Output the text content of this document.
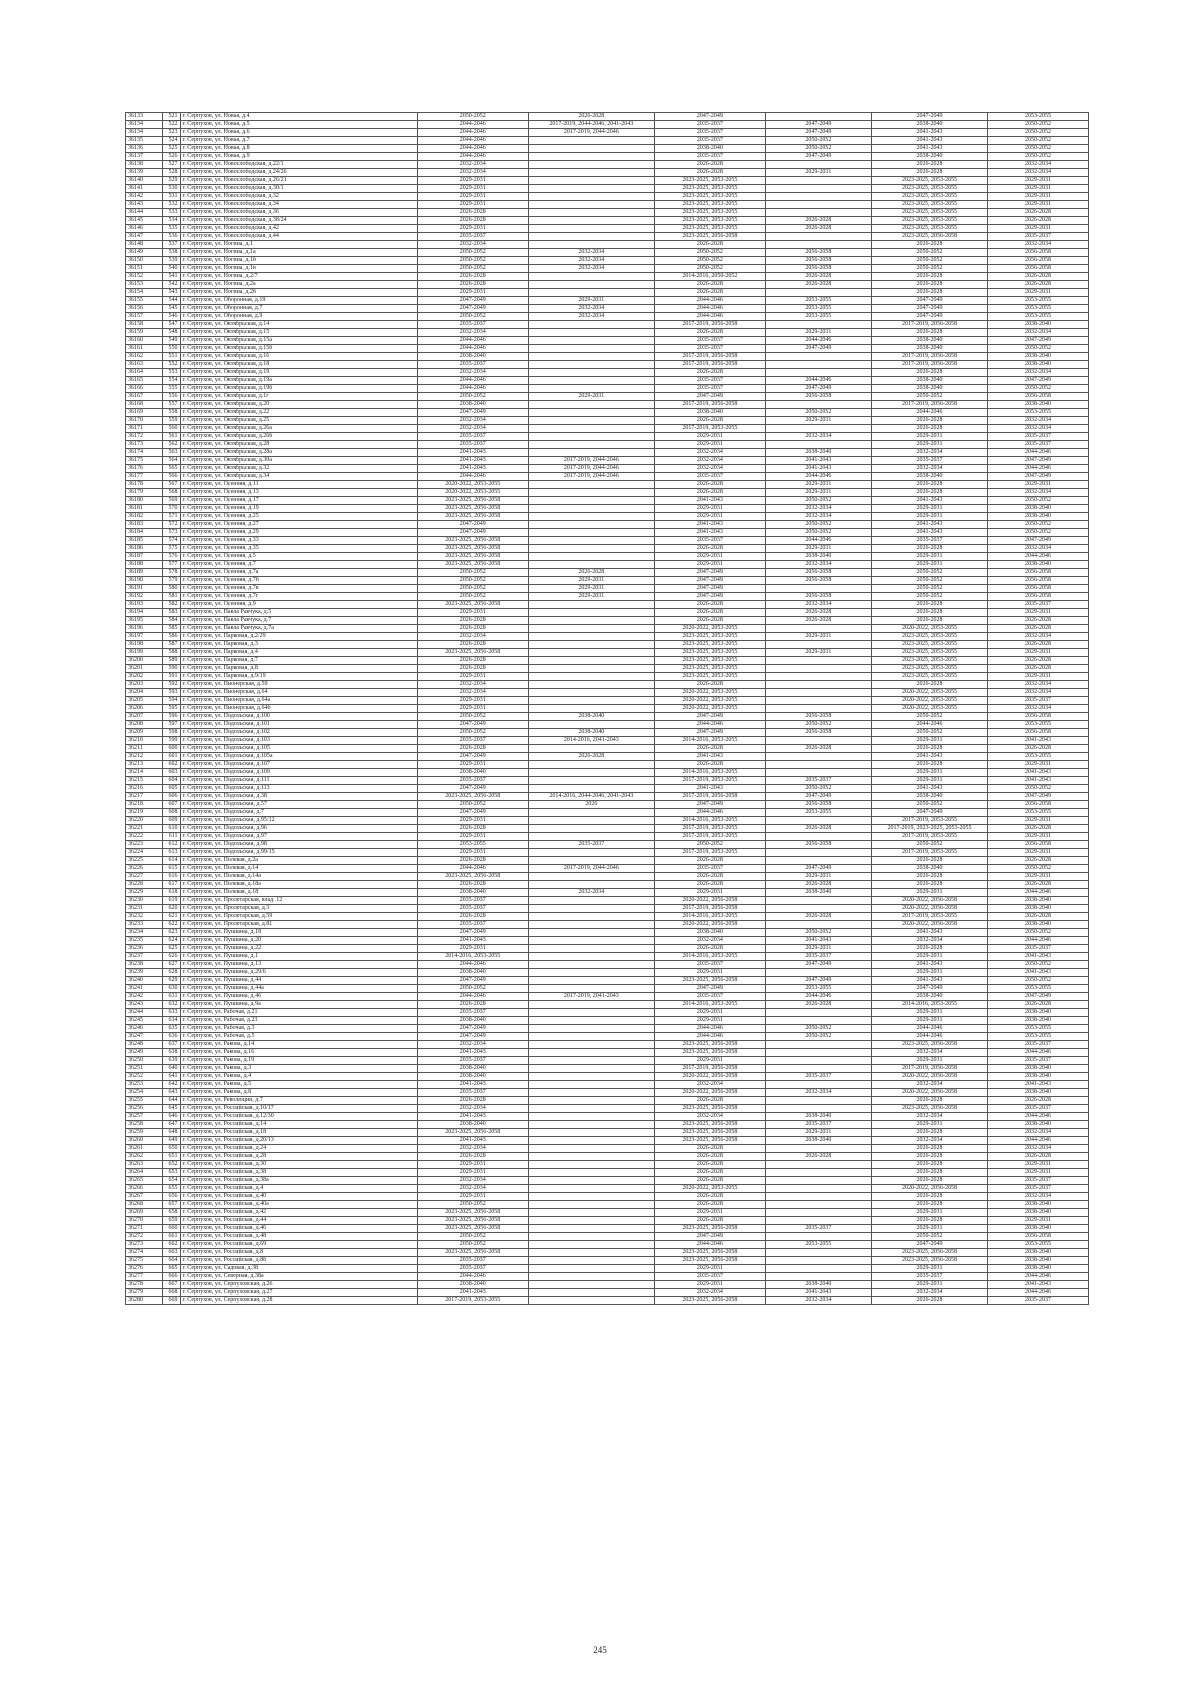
36133	521	г. Серпухов, ул. Новая, д.4	2050-2052	2026-2028	2047-2049		2047-2049	2053-2055
36134	522	г. Серпухов, ул. Новая, д.5	2044-2046	2017-2019, 2044-2046, 2041-2043	2035-2037	2047-2049	2038-2040	2050-2052
36134	523	г. Серпухов, ул. Новая, д.6	2044-2046	2017-2019, 2044-2046	2035-2037	2047-2049	2041-2043	2050-2052
36135	524	г. Серпухов, ул. Новая, д.7	2044-2046		2035-2037	2050-2052	2041-2043	2050-2052
36136	525	г. Серпухов, ул. Новая, д.8	2044-2046		2038-2040	2050-2052	2041-2043	2050-2052
36137	526	г. Серпухов, ул. Новая, д.9	2044-2046		2035-2037	2047-2049	2038-2040	2050-2052
36138	527	г. Серпухов, ул. Новослободская, д.22/1	2032-2034		2026-2028		2026-2028	2032-2034
36139	528	г. Серпухов, ул. Новослободская, д.24/26	2032-2034		2026-2028	2029-2031	2026-2028	2032-2034
36140	529	г. Серпухов, ул. Новослободская, д.26/21	2029-2031		2023-2025, 2053-2055		2023-2025, 2053-2055	2029-2031
36141	530	г. Серпухов, ул. Новослободская, д.30/1	2029-2031		2023-2025, 2053-2055		2023-2025, 2053-2055	2029-2031
36142	531	г. Серпухов, ул. Новослободская, д.32	2029-2031		2023-2025, 2053-2055		2023-2025, 2053-2055	2029-2031
36143	532	г. Серпухов, ул. Новослободская, д.34	2029-2031		2023-2025, 2053-2055		2023-2025, 2053-2055	2029-2031
36144	533	г. Серпухов, ул. Новослободская, д.36	2026-2028		2023-2025, 2053-2055		2023-2025, 2053-2055	2026-2028
36145	534	г. Серпухов, ул. Новослободская, д.38/24	2026-2028		2023-2025, 2053-2055	2026-2028	2023-2025, 2053-2055	2026-2028
36146	535	г. Серпухов, ул. Новослободская, д.42	2029-2031		2023-2025, 2053-2055	2026-2028	2023-2025, 2053-2055	2029-2031
36147	536	г. Серпухов, ул. Новослободская, д.44	2035-2037		2023-2025, 2056-2058		2023-2025, 2056-2058	2035-2037
36148	537	г. Серпухов, ул. Ногина, д.1	2032-2034		2026-2028		2026-2028	2032-2034
36149	538	г. Серпухов, ул. Ногина, д.1а	2050-2052	2032-2034	2050-2052	2056-2058	2050-2052	2056-2058
36150	539	г. Серпухов, ул. Ногина, д.1б	2050-2052	2032-2034	2050-2052	2056-2058	2050-2052	2056-2058
36151	540	г. Серпухов, ул. Ногина, д.1в	2050-2052	2032-2034	2050-2052	2056-2058	2050-2052	2056-2058
36152	541	г. Серпухов, ул. Ногина, д.2/7	2026-2028		2014-2016, 2050-2052	2026-2028	2026-2028	2026-2028
36153	542	г. Серпухов, ул. Ногина, д.2а	2026-2028		2026-2028	2026-2028	2026-2028	2026-2028
36154	543	г. Серпухов, ул. Ногина, д.2б	2029-2031		2026-2028		2026-2028	2029-2031
36155	544	г. Серпухов, ул. Оборонная, д.19	2047-2049	2029-2031	2044-2046	2053-2055	2047-2049	2053-2055
36156	545	г. Серпухов, ул. Оборонная, д.7	2047-2049	2032-2034	2044-2046	2053-2055	2047-2049	2053-2055
36157	546	г. Серпухов, ул. Оборонная, д.9	2050-2052	2032-2034	2044-2046	2053-2055	2047-2049	2053-2055
36158	547	г. Серпухов, ул. Октябрьская, д.14	2035-2037		2017-2019, 2056-2058		2017-2019, 2056-2058	2038-2040
36159	548	г. Серпухов, ул. Октябрьская, д.15	2032-2034		2026-2028	2029-2031	2026-2028	2032-2034
36160	549	г. Серпухов, ул. Октябрьская, д.15а	2044-2046		2035-2037	2044-2046	2038-2040	2047-2049
36161	550	г. Серпухов, ул. Октябрьская, д.15б	2044-2046		2035-2037	2047-2049	2038-2040	2050-2052
36162	551	г. Серпухов, ул. Октябрьская, д.16	2038-2040		2017-2019, 2056-2058		2017-2019, 2056-2058	2038-2040
36163	552	г. Серпухов, ул. Октябрьская, д.18	2035-2037		2017-2019, 2056-2058		2017-2019, 2056-2058	2038-2040
36164	553	г. Серпухов, ул. Октябрьская, д.19	2032-2034		2026-2028		2026-2028	2032-2034
36165	554	г. Серпухов, ул. Октябрьская, д.19а	2044-2046		2035-2037	2044-2046	2038-2040	2047-2049
36166	555	г. Серпухов, ул. Октябрьская, д.19б	2044-2046		2035-2037	2047-2049	2038-2040	2050-2052
36167	556	г. Серпухов, ул. Октябрьская, д.1г	2050-2052	2029-2031	2047-2049	2056-2058	2050-2052	2056-2058
36168	557	г. Серпухов, ул. Октябрьская, д.20	2038-2040		2017-2019, 2056-2058		2017-2019, 2056-2058	2038-2040
36169	558	г. Серпухов, ул. Октябрьская, д.22	2047-2049		2038-2040	2050-2052	2044-2046	2053-2055
36170	559	г. Серпухов, ул. Октябрьская, д.25	2032-2034		2026-2028	2029-2031	2026-2028	2032-2034
36171	560	г. Серпухов, ул. Октябрьская, д.26а	2032-2034		2017-2019, 2053-2055		2026-2028	2032-2034
36172	561	г. Серпухов, ул. Октябрьская, д.26б	2035-2037		2029-2031	2032-2034	2029-2031	2035-2037
36173	562	г. Серпухов, ул. Октябрьская, д.28	2035-2037		2029-2031		2029-2031	2035-2037
36174	563	г. Серпухов, ул. Октябрьская, д.28а	2041-2043		2032-2034	2038-2040	2032-2034	2044-2046
36175	564	г. Серпухов, ул. Октябрьская, д.30а	2041-2043	2017-2019, 2044-2046	2032-2034	2041-2043	2035-2037	2047-2049
36176	565	г. Серпухов, ул. Октябрьская, д.32	2041-2043	2017-2019, 2044-2046	2032-2034	2041-2043	2032-2034	2044-2046
36177	566	г. Серпухов, ул. Октябрьская, д.34	2044-2046	2017-2019, 2044-2046	2035-2037	2044-2046	2038-2040	2047-2049
36178	567	г. Серпухов, ул. Осенняя, д.11	2020-2022, 2053-2055		2026-2028	2029-2031	2026-2028	2029-2031
36179	568	г. Серпухов, ул. Осенняя, д.13	2020-2022, 2053-2055		2026-2028	2029-2031	2026-2028	2032-2034
36180	569	г. Серпухов, ул. Осенняя, д.17	2023-2025, 2056-2058		2041-2043	2050-2052	2041-2043	2050-2052
36181	570	г. Серпухов, ул. Осенняя, д.19	2023-2025, 2056-2058		2029-2031	2032-2034	2029-2031	2038-2040
36182	571	г. Серпухов, ул. Осенняя, д.25	2023-2025, 2056-2058		2029-2031	2032-2034	2029-2031	2038-2040
36183	572	г. Серпухов, ул. Осенняя, д.27	2047-2049		2041-2043	2050-2052	2041-2043	2050-2052
36184	573	г. Серпухов, ул. Осенняя, д.29	2047-2049		2041-2043	2050-2052	2041-2043	2050-2052
36185	574	г. Серпухов, ул. Осенняя, д.33	2023-2025, 2056-2058		2035-2037	2044-2046	2035-2037	2047-2049
36186	575	г. Серпухов, ул. Осенняя, д.35	2023-2025, 2056-2058		2026-2028	2029-2031	2026-2028	2032-2034
36187	576	г. Серпухов, ул. Осенняя, д.5	2023-2025, 2056-2058		2029-2031	2038-2040	2029-2031	2044-2046
36188	577	г. Серпухов, ул. Осенняя, д.7	2023-2025, 2056-2058		2029-2031	2032-2034	2029-2031	2038-2040
36189	578	г. Серпухов, ул. Осенняя, д.7а	2050-2052	2026-2028	2047-2049	2056-2058	2050-2052	2056-2058
36190	579	г. Серпухов, ул. Осенняя, д.7б	2050-2052	2029-2031	2047-2049	2056-2058	2050-2052	2056-2058
36191	580	г. Серпухов, ул. Осенняя, д.7в	2050-2052	2029-2031	2047-2049		2050-2052	2056-2058
36192	581	г. Серпухов, ул. Осенняя, д.7г	2050-2052	2029-2031	2047-2049	2056-2058	2050-2052	2056-2058
36193	582	г. Серпухов, ул. Осенняя, д.9	2023-2025, 2056-2058		2026-2028	2032-2034	2026-2028	2035-2037
36194	583	г. Серпухов, ул. Павла Ракчука, д.5	2029-2031		2026-2028	2026-2028	2026-2028	2029-2031
36195	584	г. Серпухов, ул. Павла Ракчука, д.7	2026-2028		2026-2028	2026-2028	2026-2028	2026-2028
36196	585	г. Серпухов, ул. Павла Ракчука, д.7а	2026-2028		2020-2022, 2053-2055		2020-2022, 2053-2055	2026-2028
36197	586	г. Серпухов, ул. Парковая, д.2/29	2032-2034		2023-2025, 2053-2055	2029-2031	2023-2025, 2053-2055	2032-2034
36198	587	г. Серпухов, ул. Парковая, д.3	2026-2028		2023-2025, 2053-2055		2023-2025, 2053-2055	2026-2028
36199	588	г. Серпухов, ул. Парковая, д.4	2023-2025, 2056-2058		2023-2025, 2053-2055	2029-2031	2023-2025, 2053-2055	2029-2031
36200	589	г. Серпухов, ул. Парковая, д.7	2026-2028		2023-2025, 2053-2055		2023-2025, 2053-2055	2026-2028
36201	590	г. Серпухов, ул. Парковая, д.8	2026-2028		2023-2025, 2053-2055		2023-2025, 2053-2055	2026-2028
36202	591	г. Серпухов, ул. Парковая, д.9/19	2029-2031		2023-2025, 2053-2055		2023-2025, 2053-2055	2029-2031
36203	592	г. Серпухов, ул. Пионерская, д.59	2032-2034		2026-2028		2026-2028	2032-2034
36204	593	г. Серпухов, ул. Пионерская, д.64	2032-2034		2020-2022, 2053-2055		2020-2022, 2053-2055	2032-2034
36205	594	г. Серпухов, ул. Пионерская, д.64а	2029-2031		2020-2022, 2053-2055		2020-2022, 2053-2055	2035-2037
36206	595	г. Серпухов, ул. Пионерская, д.64б	2029-2031		2020-2022, 2053-2055		2020-2022, 2053-2055	2032-2034
36207	596	г. Серпухов, ул. Подольская, д.100	2050-2052	2038-2040	2047-2049	2056-2058	2050-2052	2056-2058
36208	597	г. Серпухов, ул. Подольская, д.101	2047-2049		2044-2046	2050-2052	2044-2046	2053-2055
36209	598	г. Серпухов, ул. Подольская, д.102	2050-2052	2038-2040	2047-2049	2056-2058	2050-2052	2056-2058
36210	599	г. Серпухов, ул. Подольская, д.103	2035-2037	2014-2016, 2041-2043	2014-2016, 2053-2055		2029-2031	2041-2043
36211	600	г. Серпухов, ул. Подольская, д.105	2026-2028		2026-2028	2026-2028	2026-2028	2026-2028
36212	601	г. Серпухов, ул. Подольская, д.105а	2047-2049	2026-2028	2041-2043		2041-2043	2053-2055
36213	602	г. Серпухов, ул. Подольская, д.107	2029-2031		2026-2028		2026-2028	2029-2031
36214	603	г. Серпухов, ул. Подольская, д.109	2038-2040		2014-2016, 2053-2055		2029-2031	2041-2043
36215	604	г. Серпухов, ул. Подольская, д.111	2035-2037		2017-2019, 2053-2055	2035-2037	2029-2031	2041-2043
36216	605	г. Серпухов, ул. Подольская, д.113	2047-2049		2041-2043	2050-2052	2041-2043	2050-2052
36217	606	г. Серпухов, ул. Подольская, д.38	2023-2025, 2056-2058	2014-2016, 2044-2046, 2041-2043	2017-2019, 2056-2058	2047-2049	2038-2040	2047-2049
36218	607	г. Серпухов, ул. Подольская, д.57	2050-2052	2026	2047-2049	2056-2058	2050-2052	2056-2058
36219	608	г. Серпухов, ул. Подольская, д.7	2047-2049		2044-2046	2053-2055	2047-2049	2053-2055
36220	609	г. Серпухов, ул. Подольская, д.95/12	2029-2031		2014-2016, 2053-2055		2017-2019, 2053-2055	2029-2031
36221	610	г. Серпухов, ул. Подольская, д.96	2026-2028		2017-2019, 2053-2055	2026-2028	2017-2019, 2023-2025, 2053-2055	2026-2028
36222	611	г. Серпухов, ул. Подольская, д.97	2029-2031		2017-2019, 2053-2055		2017-2019, 2053-2055	2029-2031
36223	612	г. Серпухов, ул. Подольская, д.98	2053-2055	2035-2037	2050-2052	2056-2058	2050-2052	2056-2058
36224	613	г. Серпухов, ул. Подольская, д.99/15	2029-2031		2017-2019, 2053-2055		2017-2019, 2053-2055	2029-2031
36225	614	г. Серпухов, ул. Полевая, д.2а	2026-2028		2026-2028		2026-2028	2026-2028
36226	615	г. Серпухов, ул. Полевая, д.14	2044-2046	2017-2019, 2044-2046	2035-2037	2047-2049	2038-2040	2050-2052
36227	616	г. Серпухов, ул. Полевая, д.14а	2023-2025, 2056-2058		2026-2028	2029-2031	2026-2028	2029-2031
36228	617	г. Серпухов, ул. Полевая, д.18а	2026-2028		2026-2028	2026-2028	2026-2028	2026-2028
36229	618	г. Серпухов, ул. Полевая, д.18	2038-2040	2032-2034	2029-2031	2038-2040	2029-2031	2044-2046
36230	619	г. Серпухов, ул. Пролетарская, влад. 12	2035-2037		2020-2022, 2056-2058		2020-2022, 2056-2058	2038-2040
36231	620	г. Серпухов, ул. Пролетарская, д.3	2035-2037		2017-2019, 2056-2058		2020-2022, 2056-2058	2038-2040
36232	621	г. Серпухов, ул. Пролетарская, д.59	2026-2028		2014-2016, 2053-2055	2026-2028	2017-2019, 2053-2055	2026-2028
36233	622	г. Серпухов, ул. Пролетарская, д.81	2035-2037		2020-2022, 2056-2058		2020-2022, 2056-2058	2038-2040
36234	623	г. Серпухов, ул. Пушкина, д.18	2047-2049		2038-2040	2050-2052	2041-2043	2050-2052
36235	624	г. Серпухов, ул. Пушкина, д.20	2041-2043		2032-2034	2041-2043	2032-2034	2044-2046
36236	625	г. Серпухов, ул. Пушкина, д.22	2029-2031		2026-2028	2029-2031	2026-2028	2035-2037
36237	626	г. Серпухов, ул. Пушкина, д.1	2014-2016, 2053-2055		2014-2016, 2053-2055	2035-2037	2029-2031	2041-2043
36238	627	г. Серпухов, ул. Пушкина, д.13	2044-2046		2035-2037	2047-2049	2041-2043	2050-2052
36239	628	г. Серпухов, ул. Пушкина, д.29/6	2038-2040		2029-2031		2029-2031	2041-2043
36240	629	г. Серпухов, ул. Пушкина, д.44	2047-2049		2023-2025, 2056-2058	2047-2049	2041-2043	2050-2052
36241	630	г. Серпухов, ул. Пушкина, д.44а	2050-2052		2047-2049	2053-2055	2047-2049	2053-2055
36242	631	г. Серпухов, ул. Пушкина, д.46	2044-2046	2017-2019, 2041-2043	2035-2037	2044-2046	2038-2040	2047-2049
36243	632	г. Серпухов, ул. Пушкина, д.9а	2026-2028		2014-2016, 2053-2055	2026-2028	2014-2016, 2053-2055	2026-2028
36244	633	г. Серпухов, ул. Рабочая, д.21	2035-2037		2029-2031		2029-2031	2038-2040
36245	634	г. Серпухов, ул. Рабочая, д.23	2038-2040		2029-2031		2029-2031	2038-2040
36246	635	г. Серпухов, ул. Рабочая, д.3	2047-2049		2044-2046	2050-2052	2044-2046	2053-2055
36247	636	г. Серпухов, ул. Рабочая, д.5	2047-2049		2044-2046	2050-2052	2044-2046	2053-2055
36248	637	г. Серпухов, ул. Ракова, д.14	2032-2034		2023-2025, 2056-2058		2023-2025, 2056-2058	2035-2037
36249	638	г. Серпухов, ул. Ракова, д.16	2041-2043		2023-2025, 2056-2058		2032-2034	2044-2046
36250	639	г. Серпухов, ул. Ракова, д.19	2035-2037		2029-2031		2029-2031	2035-2037
36251	640	г. Серпухов, ул. Ракова, д.3	2038-2040		2017-2019, 2056-2058		2017-2019, 2056-2058	2038-2040
36252	641	г. Серпухов, ул. Ракова, д.4	2038-2040		2020-2022, 2056-2058	2035-2037	2020-2022, 2056-2058	2038-2040
36253	642	г. Серпухов, ул. Ракова, д.5	2041-2043		2032-2034		2032-2034	2041-2043
36254	643	г. Серпухов, ул. Ракова, д.8	2035-2037		2020-2022, 2056-2058	2032-2034	2020-2022, 2056-2058	2038-2040
36255	644	г. Серпухов, ул. Революции, д.7	2026-2028		2026-2028		2026-2028	2026-2028
36256	645	г. Серпухов, ул. Российская, д.10/17	2032-2034		2023-2025, 2056-2058		2023-2025, 2056-2058	2035-2037
36257	646	г. Серпухов, ул. Российская, д.12/30	2041-2043		2032-2034	2038-2040	2032-2034	2044-2046
36258	647	г. Серпухов, ул. Российская, д.14	2038-2040		2023-2025, 2056-2058	2035-2037	2029-2031	2038-2040
36259	648	г. Серпухов, ул. Российская, д.18	2023-2025, 2056-2058		2023-2025, 2056-2058	2029-2031	2026-2028	2032-2034
36260	649	г. Серпухов, ул. Российская, д.20/13	2041-2043		2023-2025, 2056-2058	2038-2040	2032-2034	2044-2046
36261	650	г. Серпухов, ул. Российская, д.24	2032-2034		2026-2028		2026-2028	2032-2034
36262	651	г. Серпухов, ул. Российская, д.28	2026-2028		2026-2028	2026-2028	2026-2028	2026-2028
36263	652	г. Серпухов, ул. Российская, д.30	2029-2031		2026-2028		2026-2028	2029-2031
36264	653	г. Серпухов, ул. Российская, д.38	2029-2031		2026-2028		2026-2028	2029-2031
36265	654	г. Серпухов, ул. Российская, д.38а	2032-2034		2026-2028		2026-2028	2035-2037
36266	655	г. Серпухов, ул. Российская, д.4	2032-2034		2020-2022, 2053-2055		2020-2022, 2056-2058	2035-2037
36267	656	г. Серпухов, ул. Российская, д.40	2029-2031		2026-2028		2026-2028	2032-2034
36268	657	г. Серпухов, ул. Российская, д.40а	2050-2052		2026-2028		2026-2028	2038-2040
36269	658	г. Серпухов, ул. Российская, д.42	2023-2025, 2056-2058		2029-2031		2029-2031	2038-2040
36270	659	г. Серпухов, ул. Российская, д.44	2023-2025, 2056-2058		2026-2028		2026-2028	2029-2031
36271	660	г. Серпухов, ул. Российская, д.46	2023-2025, 2056-2058		2023-2025, 2056-2058	2035-2037	2029-2031	2038-2040
36272	661	г. Серпухов, ул. Российская, д.48	2050-2052		2047-2049		2050-2052	2056-2058
36273	662	г. Серпухов, ул. Российская, д.69	2050-2052		2044-2046	2053-2055	2047-2049	2053-2055
36274	663	г. Серпухов, ул. Российская, д.8	2023-2025, 2056-2058		2023-2025, 2056-2058		2023-2025, 2056-2058	2038-2040
36275	664	г. Серпухов, ул. Российская, д.8б	2035-2037		2023-2025, 2056-2058		2023-2025, 2056-2058	2038-2040
36276	665	г. Серпухов, ул. Садовая, д.38	2035-2037		2029-2031		2029-2031	2038-2040
36277	666	г. Серпухов, ул. Северная, д.38а	2044-2046		2035-2037		2035-2037	2044-2046
36278	667	г. Серпухов, ул. Серпуховская, д.26	2038-2040		2029-2031	2038-2040	2029-2031	2041-2043
36279	668	г. Серпухов, ул. Серпуховская, д.27	2041-2043		2032-2034	2041-2043	2032-2034	2044-2046
36280	669	г. Серпухов, ул. Серпуховская, д.28	2017-2019, 2053-2055		2023-2025, 2056-2058	2032-2034	2026-2028	2035-2037
245
